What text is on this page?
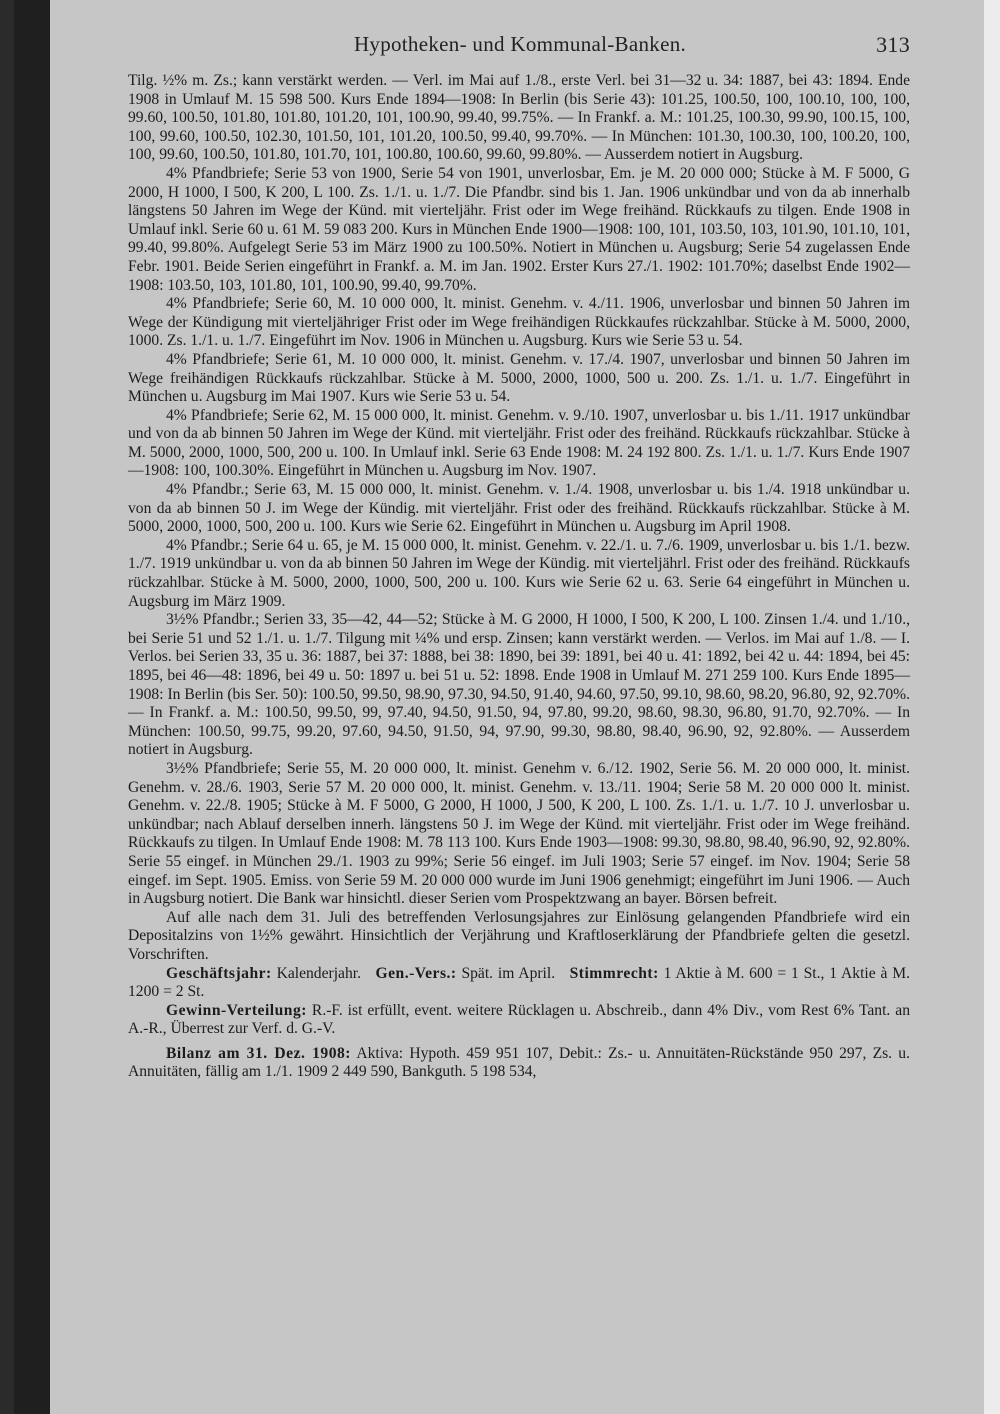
Hypotheken- und Kommunal-Banken.	313

Tilg. ½% m. Zs.; kann verstärkt werden. — Verl. im Mai auf 1./8., erste Verl. bei 31—32 u. 34: 1887, bei 43: 1894. Ende 1908 in Umlauf M. 15 598 500. Kurs Ende 1894—1908: In Berlin (bis Serie 43): 101.25, 100.50, 100, 100.10, 100, 100, 99.60, 100.50, 101.80, 101.80, 101.20, 101, 100.90, 99.40, 99.75%. — In Frankf. a. M.: 101.25, 100.30, 99.90, 100.15, 100, 100, 99.60, 100.50, 102.30, 101.50, 101, 101.20, 100.50, 99.40, 99.70%. — In München: 101.30, 100.30, 100, 100.20, 100, 100, 99.60, 100.50, 101.80, 101.70, 101, 100.80, 100.60, 99.60, 99.80%. — Ausserdem notiert in Augsburg.

4% Pfandbriefe; Serie 53 von 1900, Serie 54 von 1901, unverlosbar, Em. je M. 20 000 000; Stücke à M. F 5000, G 2000, H 1000, I 500, K 200, L 100. Zs. 1./1. u. 1./7. Die Pfandbr. sind bis 1. Jan. 1906 unkündbar und von da ab innerhalb längstens 50 Jahren im Wege der Künd. mit vierteljähr. Frist oder im Wege freihänd. Rückkaufs zu tilgen. Ende 1908 in Umlauf inkl. Serie 60 u. 61 M. 59 083 200. Kurs in München Ende 1900—1908: 100, 101, 103.50, 103, 101.90, 101.10, 101, 99.40, 99.80%. Aufgelegt Serie 53 im März 1900 zu 100.50%. Notiert in München u. Augsburg; Serie 54 zugelassen Ende Febr. 1901. Beide Serien eingeführt in Frankf. a. M. im Jan. 1902. Erster Kurs 27./1. 1902: 101.70%; daselbst Ende 1902—1908: 103.50, 103, 101.80, 101, 100.90, 99.40, 99.70%.

4% Pfandbriefe; Serie 60, M. 10 000 000, lt. minist. Genehm. v. 4./11. 1906, unverlosbar und binnen 50 Jahren im Wege der Kündigung mit vierteljähriger Frist oder im Wege freihändigen Rückkaufes rückzahlbar. Stücke à M. 5000, 2000, 1000. Zs. 1./1. u. 1./7. Eingeführt im Nov. 1906 in München u. Augsburg. Kurs wie Serie 53 u. 54.

4% Pfandbriefe; Serie 61, M. 10 000 000, lt. minist. Genehm. v. 17./4. 1907, unverlosbar und binnen 50 Jahren im Wege freihändigen Rückkaufs rückzahlbar. Stücke à M. 5000, 2000, 1000, 500 u. 200. Zs. 1./1. u. 1./7. Eingeführt in München u. Augsburg im Mai 1907. Kurs wie Serie 53 u. 54.

4% Pfandbriefe; Serie 62, M. 15 000 000, lt. minist. Genehm. v. 9./10. 1907, unverlosbar u. bis 1./11. 1917 unkündbar und von da ab binnen 50 Jahren im Wege der Künd. mit vierteljähr. Frist oder des freihänd. Rückkaufs rückzahlbar. Stücke à M. 5000, 2000, 1000, 500, 200 u. 100. In Umlauf inkl. Serie 63 Ende 1908: M. 24 192 800. Zs. 1./1. u. 1./7. Kurs Ende 1907—1908: 100, 100.30%. Eingeführt in München u. Augsburg im Nov. 1907.

4% Pfandbr.; Serie 63, M. 15 000 000, lt. minist. Genehm. v. 1./4. 1908, unverlosbar u. bis 1./4. 1918 unkündbar u. von da ab binnen 50 J. im Wege der Kündig. mit vierteljähr. Frist oder des freihänd. Rückkaufs rückzahlbar. Stücke à M. 5000, 2000, 1000, 500, 200 u. 100. Kurs wie Serie 62. Eingeführt in München u. Augsburg im April 1908.

4% Pfandbr.; Serie 64 u. 65, je M. 15 000 000, lt. minist. Genehm. v. 22./1. u. 7./6. 1909, unverlosbar u. bis 1./1. bezw. 1./7. 1919 unkündbar u. von da ab binnen 50 Jahren im Wege der Kündig. mit vierteljährl. Frist oder des freihänd. Rückkaufs rückzahlbar. Stücke à M. 5000, 2000, 1000, 500, 200 u. 100. Kurs wie Serie 62 u. 63. Serie 64 eingeführt in München u. Augsburg im März 1909.

3½% Pfandbr.; Serien 33, 35—42, 44—52; Stücke à M. G 2000, H 1000, I 500, K 200, L 100. Zinsen 1./4. und 1./10., bei Serie 51 und 52 1./1. u. 1./7. Tilgung mit ¼% und ersp. Zinsen; kann verstärkt werden. — Verlos. im Mai auf 1./8. — I. Verlos. bei Serien 33, 35 u. 36: 1887, bei 37: 1888, bei 38: 1890, bei 39: 1891, bei 40 u. 41: 1892, bei 42 u. 44: 1894, bei 45: 1895, bei 46—48: 1896, bei 49 u. 50: 1897 u. bei 51 u. 52: 1898. Ende 1908 in Umlauf M. 271 259 100. Kurs Ende 1895—1908: In Berlin (bis Ser. 50): 100.50, 99.50, 98.90, 97.30, 94.50, 91.40, 94.60, 97.50, 99.10, 98.60, 98.20, 96.80, 92, 92.70%. — In Frankf. a. M.: 100.50, 99.50, 99, 97.40, 94.50, 91.50, 94, 97.80, 99.20, 98.60, 98.30, 96.80, 91.70, 92.70%. — In München: 100.50, 99.75, 99.20, 97.60, 94.50, 91.50, 94, 97.90, 99.30, 98.80, 98.40, 96.90, 92, 92.80%. — Ausserdem notiert in Augsburg.

3½% Pfandbriefe; Serie 55, M. 20 000 000, lt. minist. Genehm v. 6./12. 1902, Serie 56. M. 20 000 000, lt. minist. Genehm. v. 28./6. 1903, Serie 57 M. 20 000 000, lt. minist. Genehm. v. 13./11. 1904; Serie 58 M. 20 000 000 lt. minist. Genehm. v. 22./8. 1905; Stücke à M. F 5000, G 2000, H 1000, J 500, K 200, L 100. Zs. 1./1. u. 1./7. 10 J. unverlosbar u. unkündbar; nach Ablauf derselben innerh. längstens 50 J. im Wege der Künd. mit vierteljähr. Frist oder im Wege freihänd. Rückkaufs zu tilgen. In Umlauf Ende 1908: M. 78 113 100. Kurs Ende 1903—1908: 99.30, 98.80, 98.40, 96.90, 92, 92.80%. Serie 55 eingef. in München 29./1. 1903 zu 99%; Serie 56 eingef. im Juli 1903; Serie 57 eingef. im Nov. 1904; Serie 58 eingef. im Sept. 1905. Emiss. von Serie 59 M. 20 000 000 wurde im Juni 1906 genehmigt; eingeführt im Juni 1906. — Auch in Augsburg notiert. Die Bank war hinsichtl. dieser Serien vom Prospektzwang an bayer. Börsen befreit.

Auf alle nach dem 31. Juli des betreffenden Verlosungsjahres zur Einlösung gelangenden Pfandbriefe wird ein Depositalzins von 1½% gewährt. Hinsichtlich der Verjährung und Kraftloserklärung der Pfandbriefe gelten die gesetzl. Vorschriften.

Geschäftsjahr: Kalenderjahr. Gen.-Vers.: Spät. im April. Stimmrecht: 1 Aktie à M. 600 = 1 St., 1 Aktie à M. 1200 = 2 St.

Gewinn-Verteilung: R.-F. ist erfüllt, event. weitere Rücklagen u. Abschreib., dann 4% Div., vom Rest 6% Tant. an A.-R., Überrest zur Verf. d. G.-V.

Bilanz am 31. Dez. 1908: Aktiva: Hypoth. 459 951 107, Debit.: Zs.- u. Annuitäten-Rückstände 950 297, Zs. u. Annuitäten, fällig am 1./1. 1909 2 449 590, Bankguth. 5 198 534,
